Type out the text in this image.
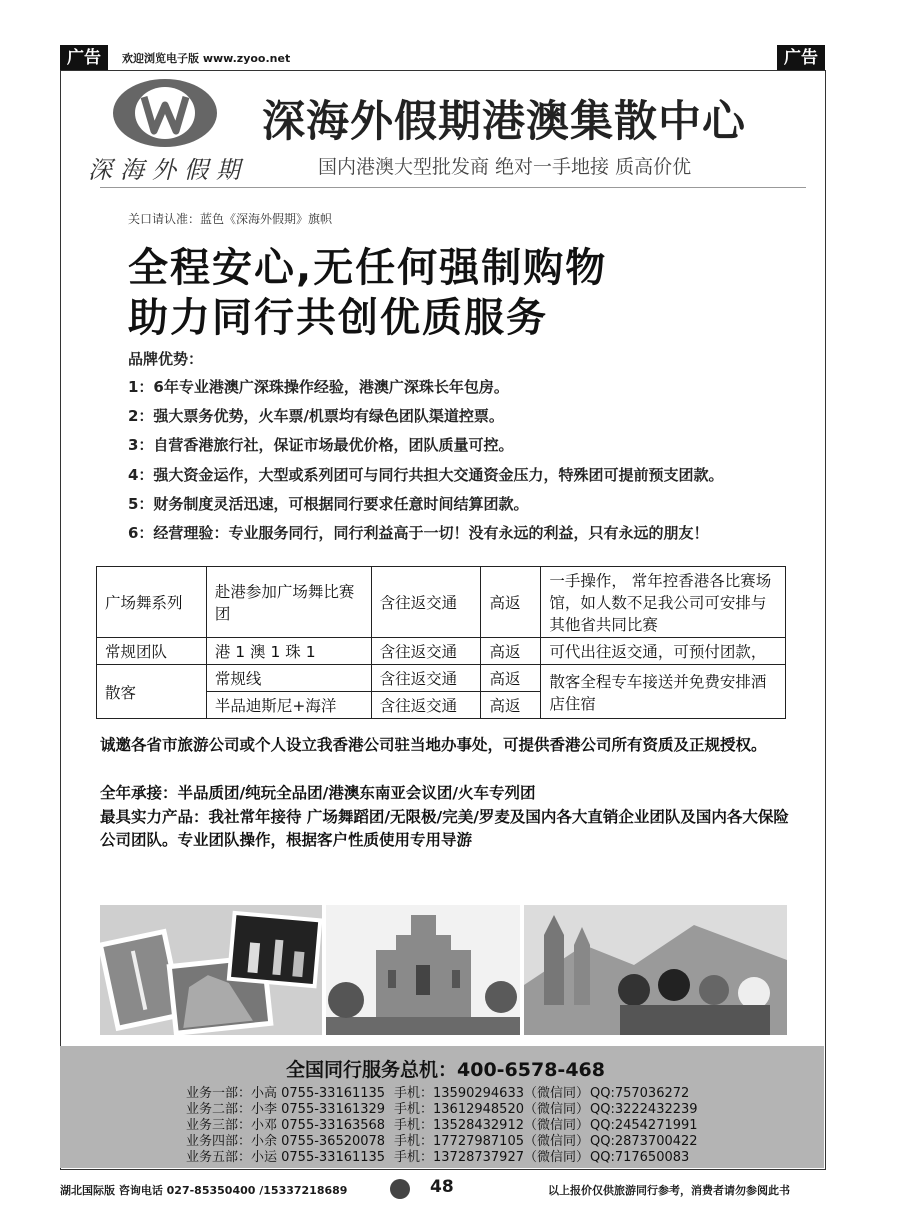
广告	欢迎浏览电子版 www.zyoo.net	广告
深海外假期
深海外假期港澳集散中心
国内港澳大型批发商 绝对一手地接 质高价优
关口请认准：蓝色《深海外假期》旗帜
全程安心,无任何强制购物
助力同行共创优质服务
品牌优势：
1：6年专业港澳广深珠操作经验，港澳广深珠长年包房。
2：强大票务优势，火车票/机票均有绿色团队渠道控票。
3：自营香港旅行社，保证市场最优价格，团队质量可控。
4：强大资金运作，大型或系列团可与同行共担大交通资金压力，特殊团可提前预支团款。
5：财务制度灵活迅速，可根据同行要求任意时间结算团款。
6：经营理验：专业服务同行，同行利益高于一切！没有永远的利益，只有永远的朋友！
广场舞系列	赴港参加广场舞比赛团	含往返交通	高返	一手操作， 常年控香港各比赛场馆，如人数不足我公司可安排与其他省共同比赛
常规团队	港 1 澳 1 珠 1	含往返交通	高返	可代出往返交通，可预付团款，
散客	常规线	含往返交通	高返	散客全程专车接送并免费安排酒店住宿
	半品迪斯尼+海洋	含往返交通	高返	
诚邀各省市旅游公司或个人设立我香港公司驻当地办事处，可提供香港公司所有资质及正规授权。
全年承接：半品质团/纯玩全品团/港澳东南亚会议团/火车专列团
最具实力产品：我社常年接待 广场舞蹈团/无限极/完美/罗麦及国内各大直销企业团队及国内各大保险公司团队。专业团队操作，根据客户性质使用专用导游
全国同行服务总机：400-6578-468
业务一部：小高 0755-33161135 手机：13590294633（微信同）QQ:757036272
业务二部：小李 0755-33161329 手机：13612948520（微信同）QQ:3222432239
业务三部：小邓 0755-33163568 手机：13528432912（微信同）QQ:2454271991
业务四部：小余 0755-36520078 手机：17727987105（微信同）QQ:2873700422
业务五部：小运 0755-33161135 手机：13728737927（微信同）QQ:717650083
湖北国际版 咨询电话 027-85350400 /15337218689	48	以上报价仅供旅游同行参考，消费者请勿参阅此书
